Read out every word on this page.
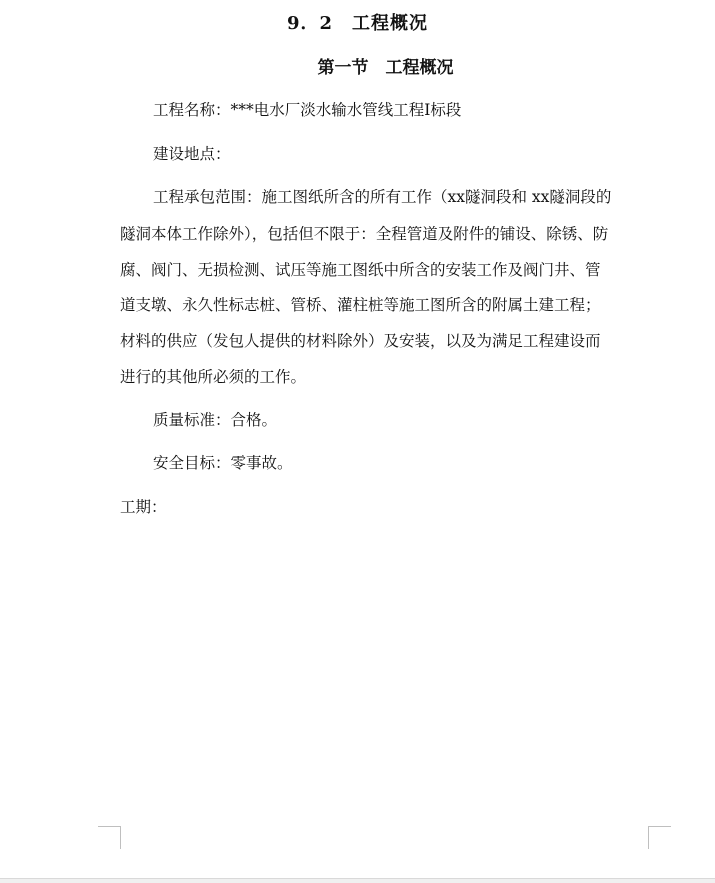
9．2　工程概况
第一节　工程概况
工程名称：***电水厂淡水输水管线工程Ⅰ标段
建设地点：
工程承包范围：施工图纸所含的所有工作（xx隧洞段和 xx隧洞段的
隧洞本体工作除外），包括但不限于：全程管道及附件的铺设、除锈、防
腐、阀门、无损检测、试压等施工图纸中所含的安装工作及阀门井、管
道支墩、永久性标志桩、管桥、灌柱桩等施工图所含的附属土建工程；
材料的供应（发包人提供的材料除外）及安装，以及为满足工程建设而
进行的其他所必须的工作。
质量标准：合格。
安全目标：零事故。
工期：
